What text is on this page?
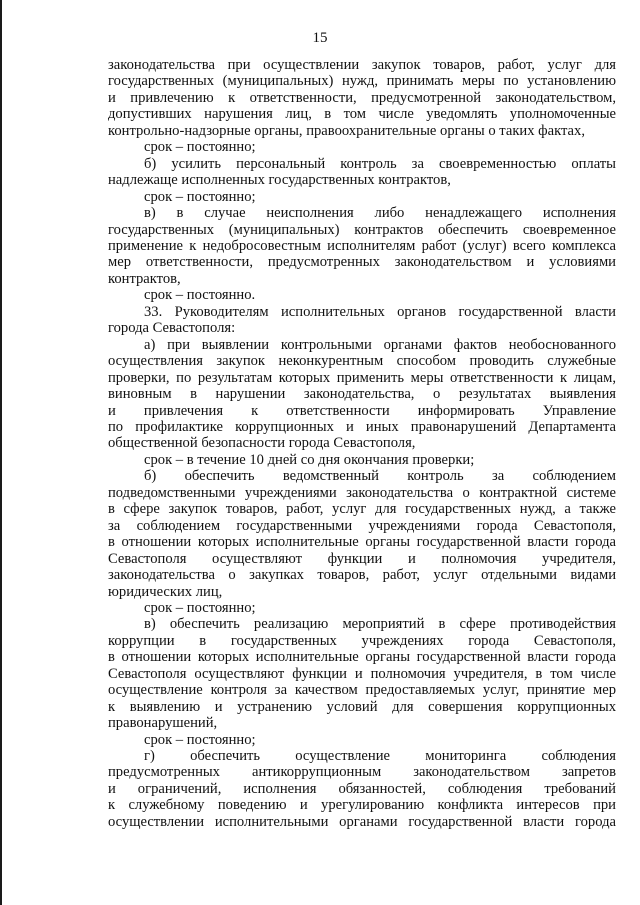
15
законодательства при осуществлении закупок товаров, работ, услуг для
государственных (муниципальных) нужд, принимать меры по установлению
и привлечению к ответственности, предусмотренной законодательством,
допустивших нарушения лиц, в том числе уведомлять уполномоченные
контрольно-надзорные органы, правоохранительные органы о таких фактах,
срок – постоянно;
б) усилить персональный контроль за своевременностью оплаты
надлежаще исполненных государственных контрактов,
срок – постоянно;
в) в случае неисполнения либо ненадлежащего исполнения
государственных (муниципальных) контрактов обеспечить своевременное
применение к недобросовестным исполнителям работ (услуг) всего комплекса
мер ответственности, предусмотренных законодательством и условиями
контрактов,
срок – постоянно.
33. Руководителям исполнительных органов государственной власти
города Севастополя:
а) при выявлении контрольными органами фактов необоснованного
осуществления закупок неконкурентным способом проводить служебные
проверки, по результатам которых применить меры ответственности к лицам,
виновным в нарушении законодательства, о результатах выявления
и привлечения к ответственности информировать Управление
по профилактике коррупционных и иных правонарушений Департамента
общественной безопасности города Севастополя,
срок – в течение 10 дней со дня окончания проверки;
б) обеспечить ведомственный контроль за соблюдением
подведомственными учреждениями законодательства о контрактной системе
в сфере закупок товаров, работ, услуг для государственных нужд, а также
за соблюдением государственными учреждениями города Севастополя,
в отношении которых исполнительные органы государственной власти города
Севастополя осуществляют функции и полномочия учредителя,
законодательства о закупках товаров, работ, услуг отдельными видами
юридических лиц,
срок – постоянно;
в) обеспечить реализацию мероприятий в сфере противодействия
коррупции в государственных учреждениях города Севастополя,
в отношении которых исполнительные органы государственной власти города
Севастополя осуществляют функции и полномочия учредителя, в том числе
осуществление контроля за качеством предоставляемых услуг, принятие мер
к выявлению и устранению условий для совершения коррупционных
правонарушений,
срок – постоянно;
г) обеспечить осуществление мониторинга соблюдения
предусмотренных антикоррупционным законодательством запретов
и ограничений, исполнения обязанностей, соблюдения требований
к служебному поведению и урегулированию конфликта интересов при
осуществлении исполнительными органами государственной власти города
